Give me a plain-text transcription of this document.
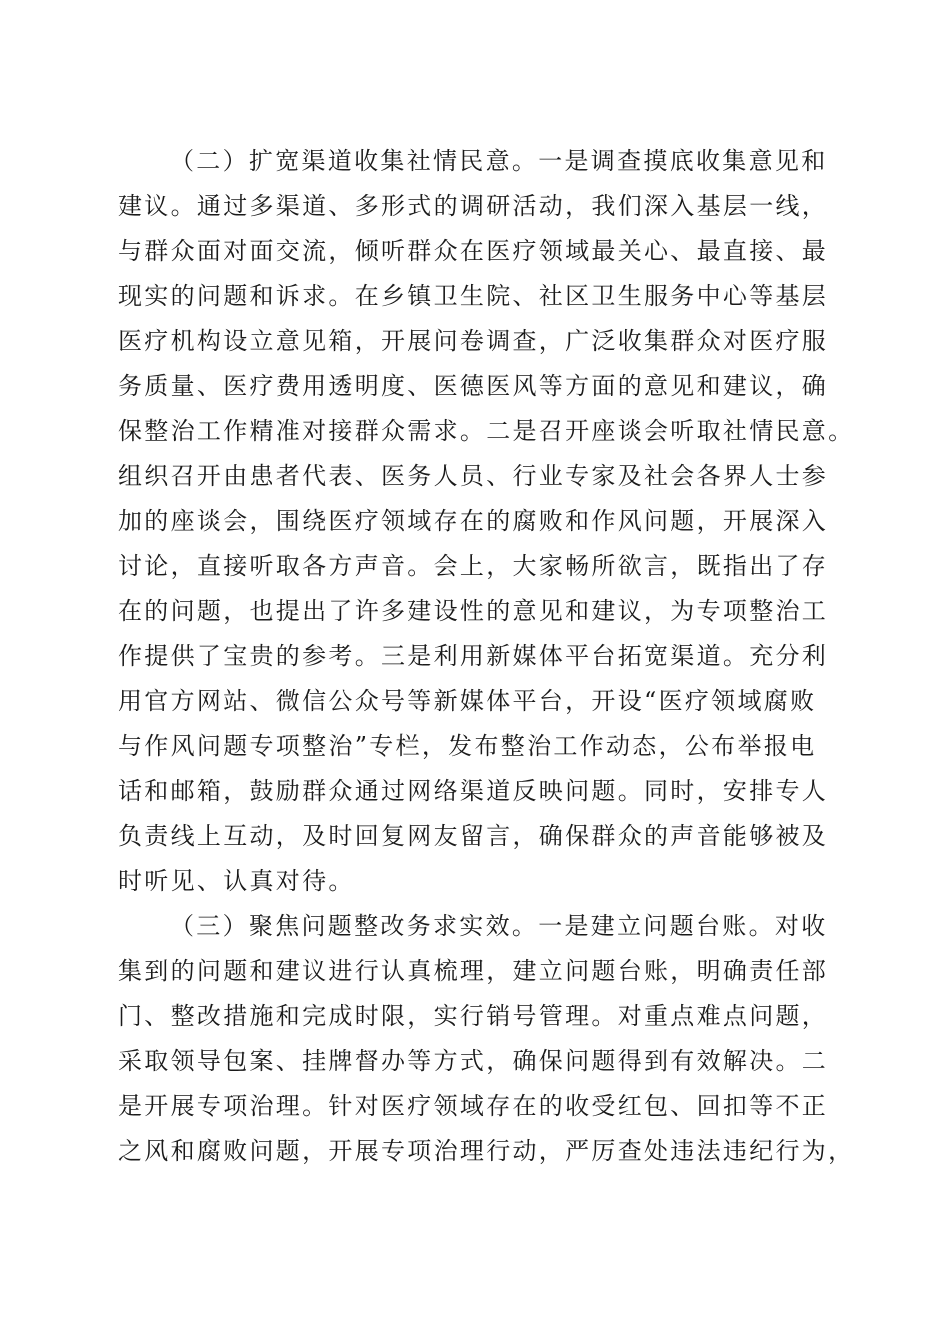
（二）扩宽渠道收集社情民意。一是调查摸底收集意见和
建议。通过多渠道、多形式的调研活动，我们深入基层一线，
与群众面对面交流，倾听群众在医疗领域最关心、最直接、最
现实的问题和诉求。在乡镇卫生院、社区卫生服务中心等基层
医疗机构设立意见箱，开展问卷调查，广泛收集群众对医疗服
务质量、医疗费用透明度、医德医风等方面的意见和建议，确
保整治工作精准对接群众需求。二是召开座谈会听取社情民意。
组织召开由患者代表、医务人员、行业专家及社会各界人士参
加的座谈会，围绕医疗领域存在的腐败和作风问题，开展深入
讨论，直接听取各方声音。会上，大家畅所欲言，既指出了存
在的问题，也提出了许多建设性的意见和建议，为专项整治工
作提供了宝贵的参考。三是利用新媒体平台拓宽渠道。充分利
用官方网站、微信公众号等新媒体平台，开设“医疗领域腐败
与作风问题专项整治”专栏，发布整治工作动态，公布举报电
话和邮箱，鼓励群众通过网络渠道反映问题。同时，安排专人
负责线上互动，及时回复网友留言，确保群众的声音能够被及
时听见、认真对待。
（三）聚焦问题整改务求实效。一是建立问题台账。对收
集到的问题和建议进行认真梳理，建立问题台账，明确责任部
门、整改措施和完成时限，实行销号管理。对重点难点问题，
采取领导包案、挂牌督办等方式，确保问题得到有效解决。二
是开展专项治理。针对医疗领域存在的收受红包、回扣等不正
之风和腐败问题，开展专项治理行动，严厉查处违法违纪行为，
